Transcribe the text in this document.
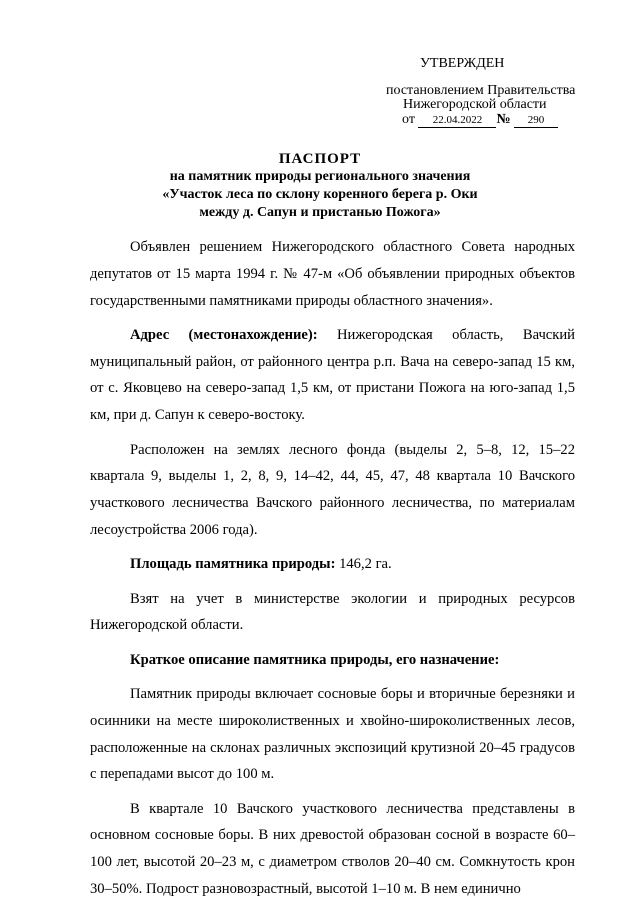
УТВЕРЖДЕН
постановлением Правительства
Нижегородской области
от 22.04.2022 № 290
ПАСПОРТ
на памятник природы регионального значения
«Участок леса по склону коренного берега р. Оки
между д. Сапун и пристанью Пожога»

Объявлен решением Нижегородского областного Совета народных депутатов от 15 марта 1994 г. № 47-м «Об объявлении природных объектов государственными памятниками природы областного значения».

Адрес (местонахождение): Нижегородская область, Вачский муниципальный район, от районного центра р.п. Вача на северо-запад 15 км, от с. Яковцево на северо-запад 1,5 км, от пристани Пожога на юго-запад 1,5 км, при д. Сапун к северо-востоку.

Расположен на землях лесного фонда (выделы 2, 5–8, 12, 15–22 квартала 9, выделы 1, 2, 8, 9, 14–42, 44, 45, 47, 48 квартала 10 Вачского участкового лесничества Вачского районного лесничества, по материалам лесоустройства 2006 года).

Площадь памятника природы: 146,2 га.

Взят на учет в министерстве экологии и природных ресурсов Нижегородской области.

Краткое описание памятника природы, его назначение:

Памятник природы включает сосновые боры и вторичные березняки и осинники на месте широколиственных и хвойно-широколиственных лесов, расположенные на склонах различных экспозиций крутизной 20–45 градусов с перепадами высот до 100 м.

В квартале 10 Вачского участкового лесничества представлены в основном сосновые боры. В них древостой образован сосной в возрасте 60–100 лет, высотой 20–23 м, с диаметром стволов 20–40 см. Сомкнутость крон 30–50%. Подрост разновозрастный, высотой 1–10 м. В нем единично
